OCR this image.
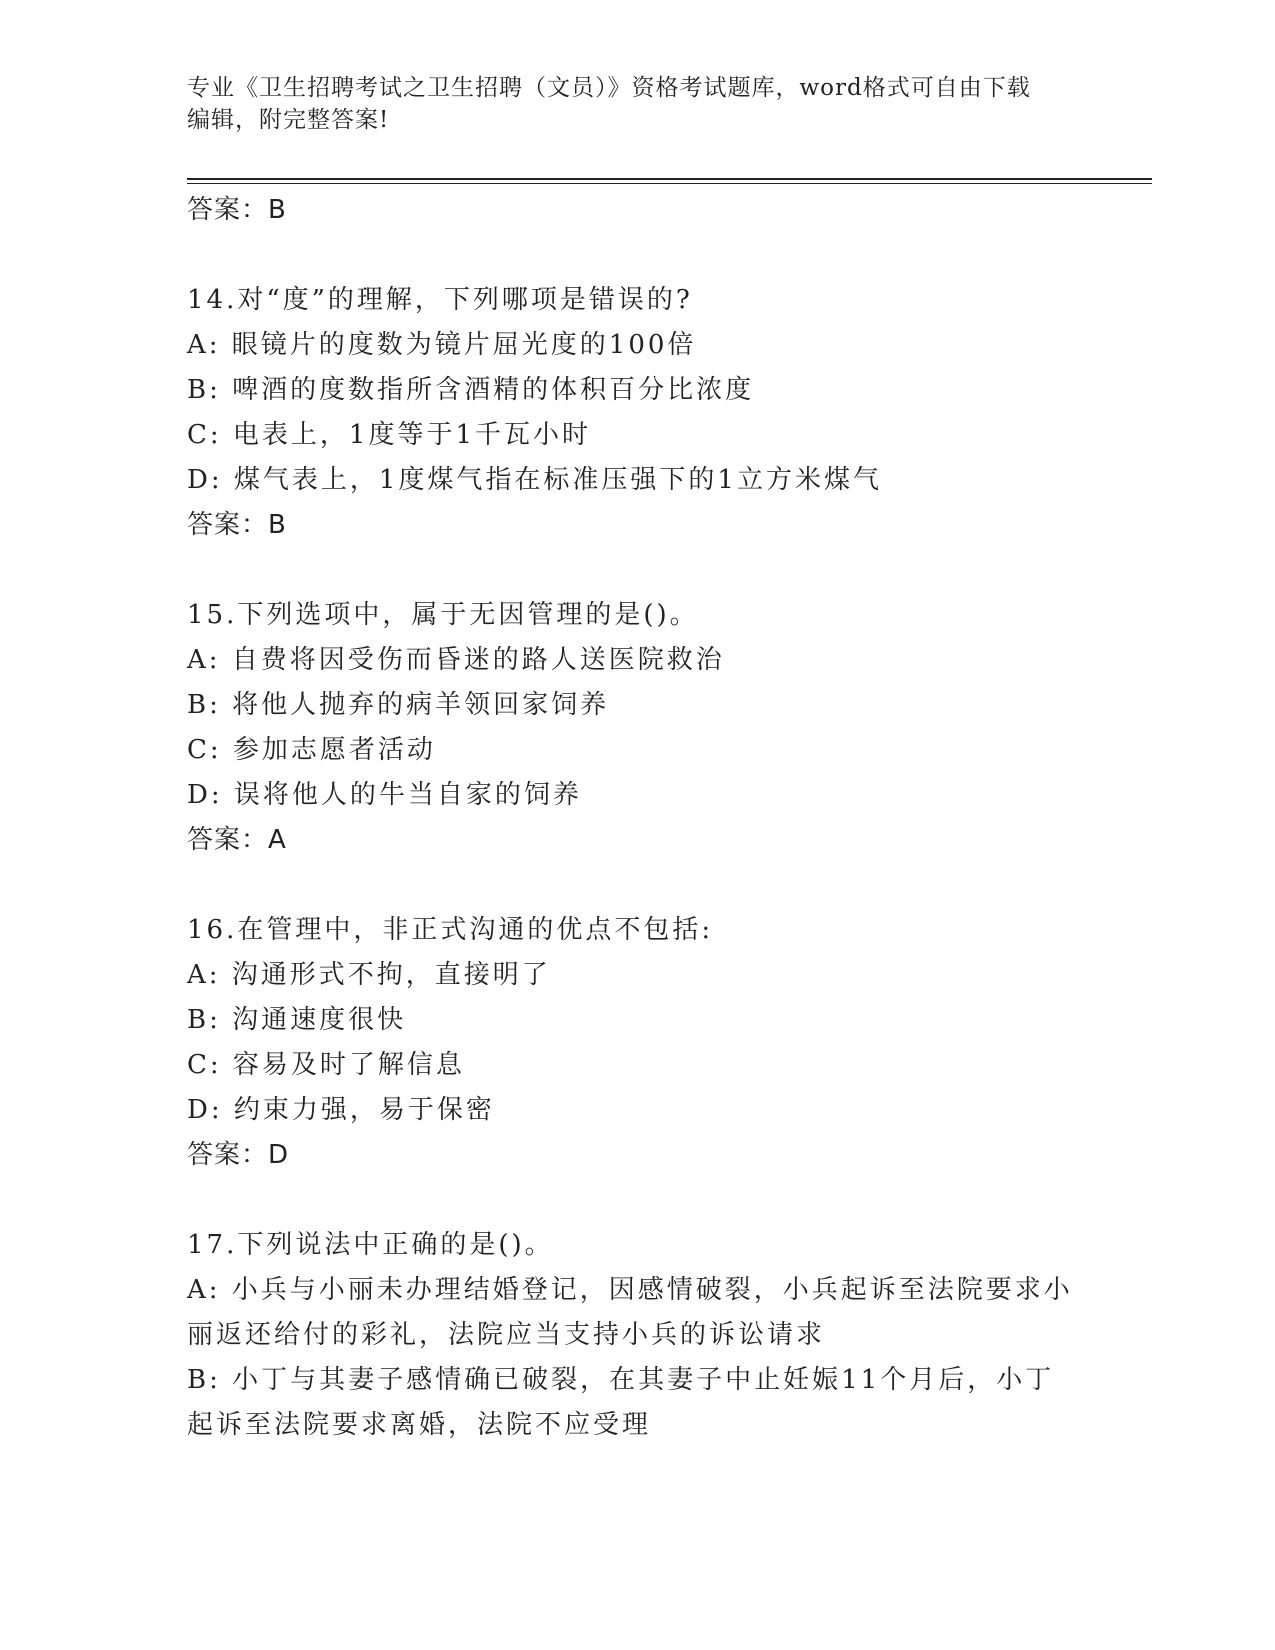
专业《卫生招聘考试之卫生招聘（文员）》资格考试题库，word格式可自由下载
编辑，附完整答案!
答案：B
14.对“度”的理解，下列哪项是错误的?
A: 眼镜片的度数为镜片屈光度的100倍
B: 啤酒的度数指所含酒精的体积百分比浓度
C: 电表上，1度等于1千瓦小时
D: 煤气表上，1度煤气指在标准压强下的1立方米煤气
答案：B
15.下列选项中，属于无因管理的是()。
A: 自费将因受伤而昏迷的路人送医院救治
B: 将他人抛弃的病羊领回家饲养
C: 参加志愿者活动
D: 误将他人的牛当自家的饲养
答案：A
16.在管理中，非正式沟通的优点不包括:
A: 沟通形式不拘，直接明了
B: 沟通速度很快
C: 容易及时了解信息
D: 约束力强，易于保密
答案：D
17.下列说法中正确的是()。
A: 小兵与小丽未办理结婚登记，因感情破裂，小兵起诉至法院要求小
丽返还给付的彩礼，法院应当支持小兵的诉讼请求
B: 小丁与其妻子感情确已破裂，在其妻子中止妊娠11个月后，小丁
起诉至法院要求离婚，法院不应受理
